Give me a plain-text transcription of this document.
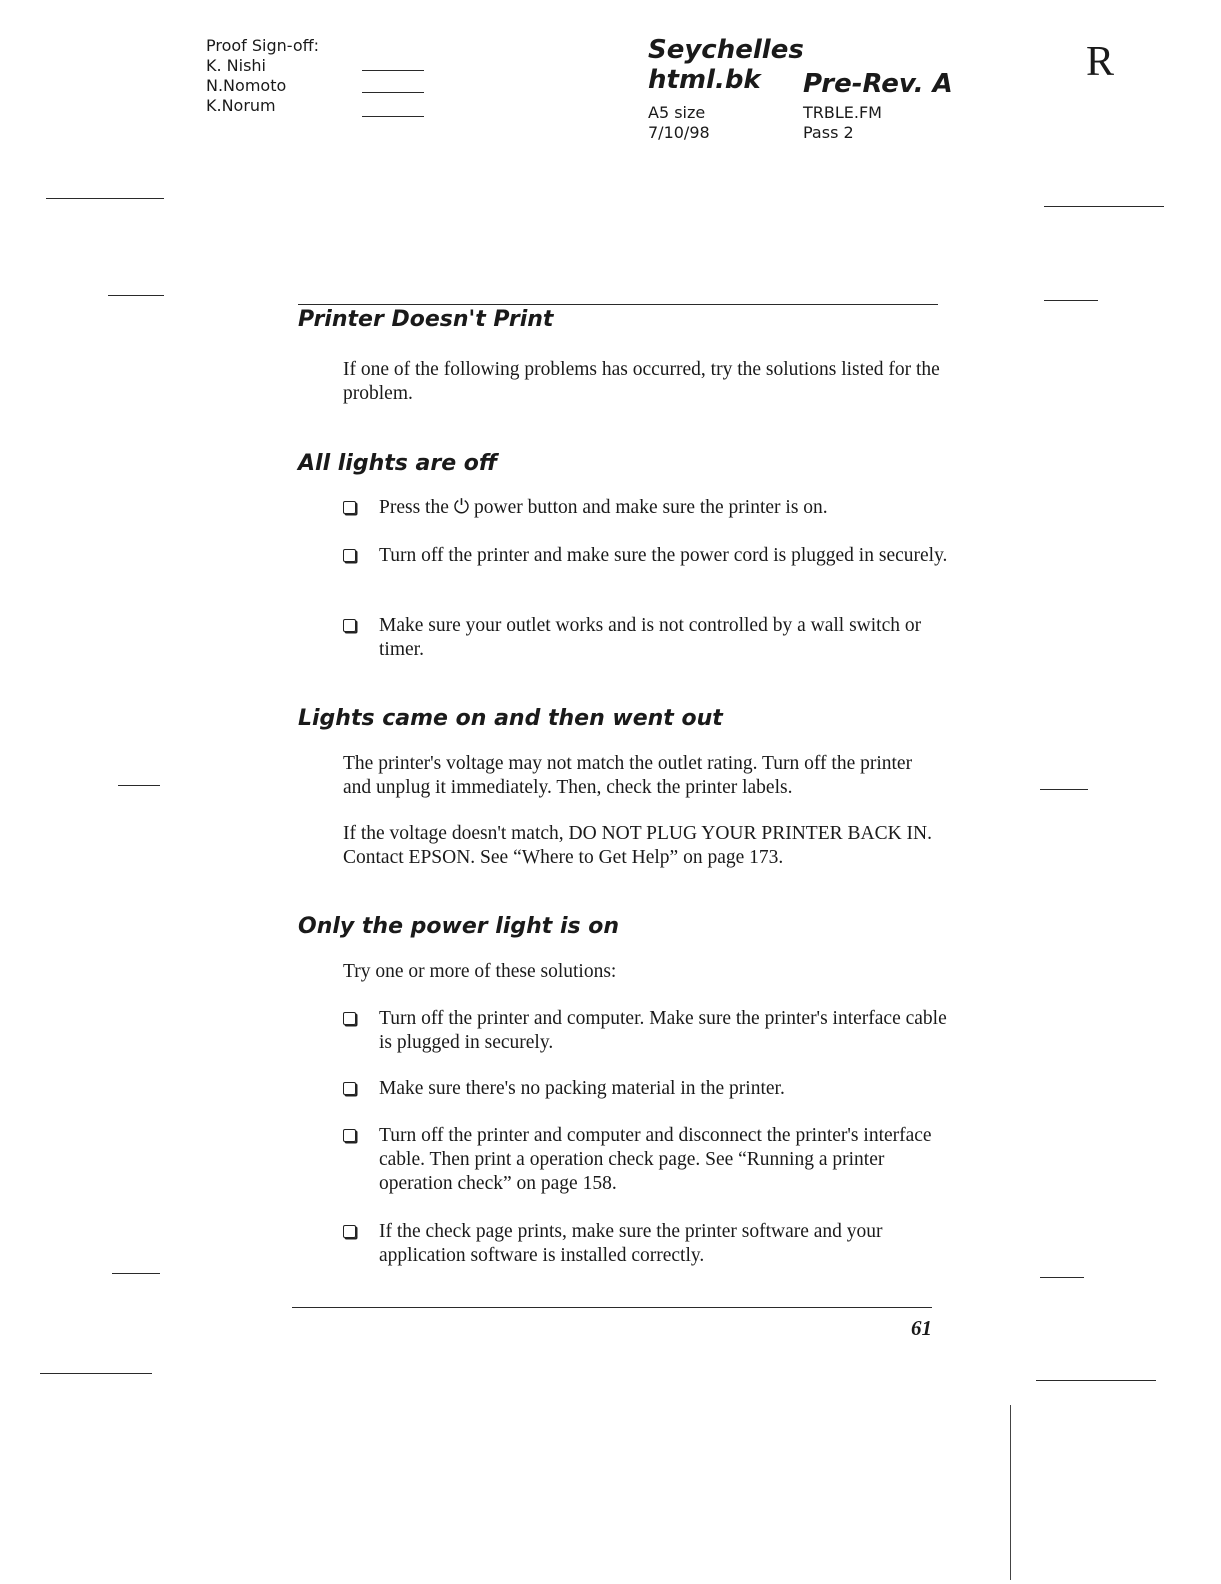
Proof Sign-off:
K. Nishi
N.Nomoto
K.Norum
Seychelles
html.bk Pre-Rev. A
A5 size
7/10/98
TRBLE.FM
Pass 2
R
Printer Doesn't Print
If one of the following problems has occurred, try the solutions listed for the problem.
All lights are off
Press the ⏻ power button and make sure the printer is on.
Turn off the printer and make sure the power cord is plugged in securely.
Make sure your outlet works and is not controlled by a wall switch or timer.
Lights came on and then went out
The printer's voltage may not match the outlet rating. Turn off the printer and unplug it immediately. Then, check the printer labels.
If the voltage doesn't match, DO NOT PLUG YOUR PRINTER BACK IN. Contact EPSON. See “Where to Get Help” on page 173.
Only the power light is on
Try one or more of these solutions:
Turn off the printer and computer. Make sure the printer's interface cable is plugged in securely.
Make sure there's no packing material in the printer.
Turn off the printer and computer and disconnect the printer's interface cable. Then print a operation check page. See “Running a printer operation check” on page 158.
If the check page prints, make sure the printer software and your application software is installed correctly.
61
